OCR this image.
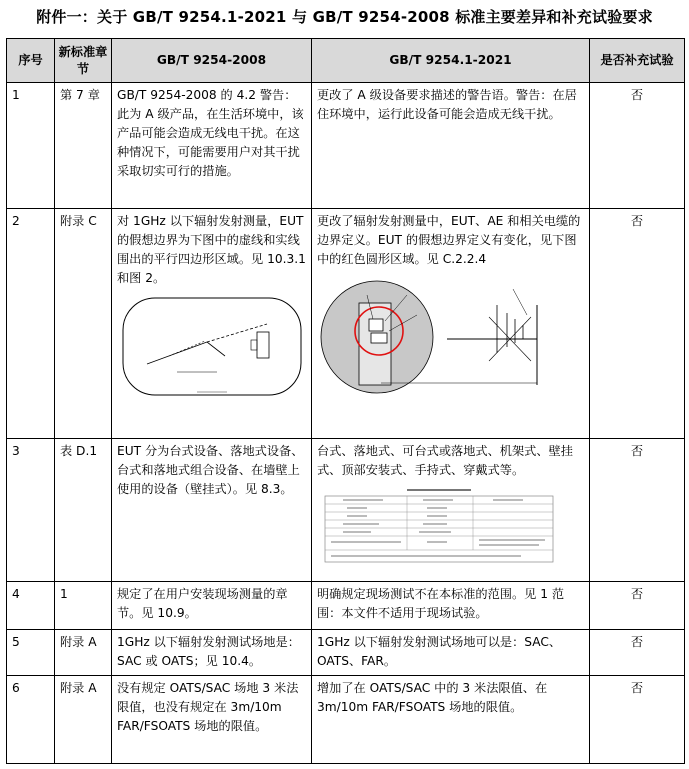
附件一：关于 GB/T 9254.1-2021 与 GB/T 9254-2008 标准主要差异和补充试验要求
序号	新标准章节	GB/T 9254-2008	GB/T 9254.1-2021	是否补充试验
1	第 7 章	GB/T 9254-2008 的 4.2 警告：此为 A 级产品，在生活环境中，该产品可能会造成无线电干扰。在这种情况下，可能需要用户对其干扰采取切实可行的措施。	更改了 A 级设备要求描述的警告语。警告：在居住环境中，运行此设备可能会造成无线干扰。	否
2	附录 C	对 1GHz 以下辐射发射测量，EUT 的假想边界为下图中的虚线和实线围出的平行四边形区域。见 10.3.1 和图 2。	更改了辐射发射测量中，EUT、AE 和相关电缆的边界定义。EUT 的假想边界定义有变化，见下图中的红色圆形区域。见 C.2.2.4	否
3	表 D.1	EUT 分为台式设备、落地式设备、台式和落地式组合设备、在墙壁上使用的设备（壁挂式）。见 8.3。	台式、落地式、可台式或落地式、机架式、壁挂式、顶部安装式、手持式、穿戴式等。	否
4	1	规定了在用户安装现场测量的章节。见 10.9。	明确规定现场测试不在本标准的范围。见 1 范围：本文件不适用于现场试验。	否
5	附录 A	1GHz 以下辐射发射测试场地是：SAC 或 OATS；见 10.4。	1GHz 以下辐射发射测试场地可以是：SAC、OATS、FAR。	否
6	附录 A	没有规定 OATS/SAC 场地 3 米法限值，也没有规定在 3m/10m FAR/FSOATS 场地的限值。	增加了在 OATS/SAC 中的 3 米法限值、在 3m/10m FAR/FSOATS 场地的限值。	否
